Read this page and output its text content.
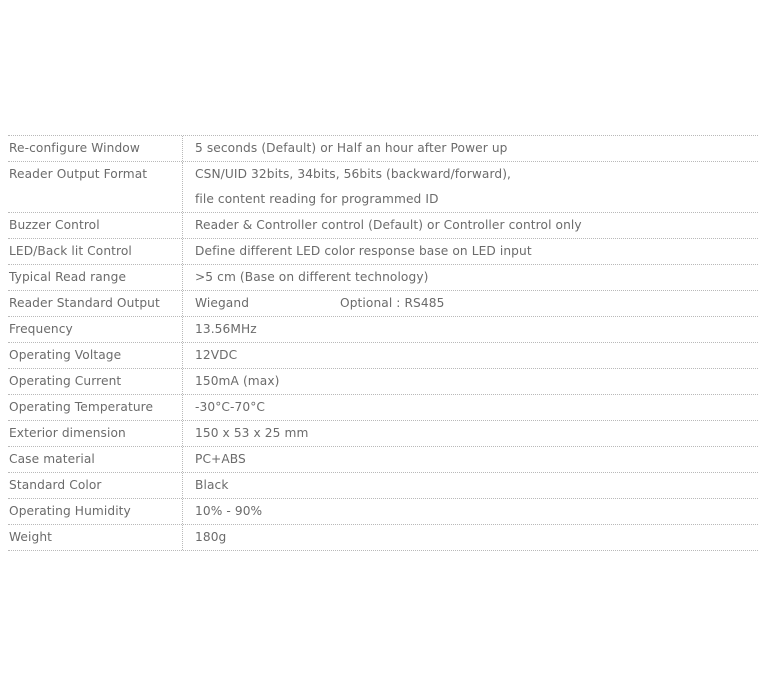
Re-configure Window	5 seconds (Default) or Half an hour after Power up
Reader Output Format	CSN/UID 32bits, 34bits, 56bits (backward/forward),
file content reading for programmed ID
Buzzer Control	Reader & Controller control (Default) or Controller control only
LED/Back lit Control	Define different LED color response base on LED input
Typical Read range	>5 cm (Base on different technology)
Reader Standard Output	Wiegand	Optional : RS485
Frequency	13.56MHz
Operating Voltage	12VDC
Operating Current	150mA (max)
Operating Temperature	-30°C-70°C
Exterior dimension	150 x 53 x 25 mm
Case material	PC+ABS
Standard Color	Black
Operating Humidity	10% - 90%
Weight	180g
